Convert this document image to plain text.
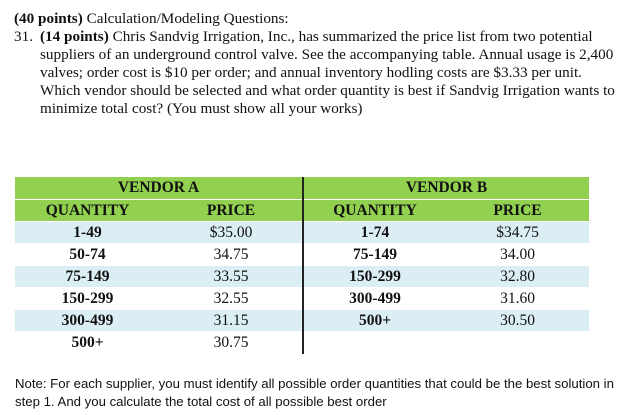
(40 points) Calculation/Modeling Questions:
31. (14 points) Chris Sandvig Irrigation, Inc., has summarized the price list from two potential suppliers of an underground control valve. See the accompanying table. Annual usage is 2,400 valves; order cost is $10 per order; and annual inventory hodling costs are $3.33 per unit. Which vendor should be selected and what order quantity is best if Sandvig Irrigation wants to minimize total cost? (You must show all your works)
VENDOR A		VENDOR B	
QUANTITY	PRICE	QUANTITY	PRICE
1-49	$35.00	1-74	$34.75
50-74	34.75	75-149	34.00
75-149	33.55	150-299	32.80
150-299	32.55	300-499	31.60
300-499	31.15	500+	30.50
500+	30.75		
Note: For each supplier, you must identify all possible order quantities that could be the best solution in step 1. And you calculate the total cost of all possible best order
